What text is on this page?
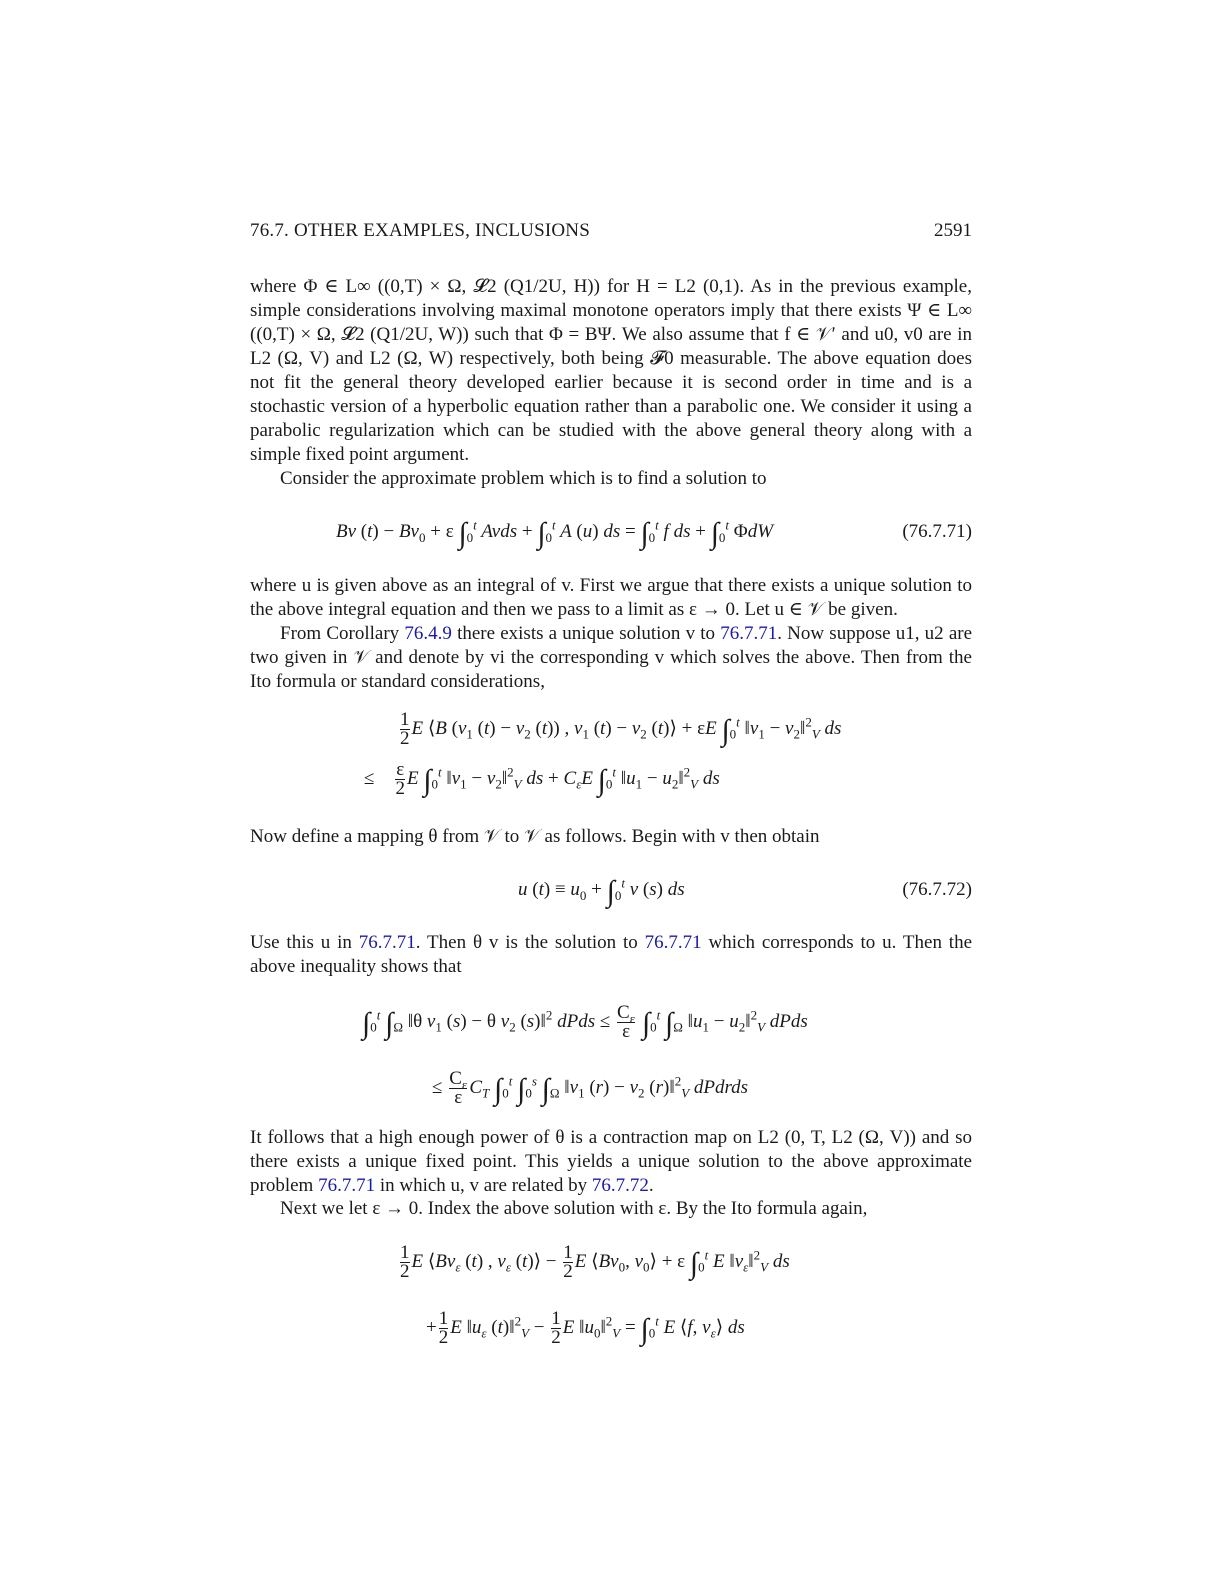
76.7. OTHER EXAMPLES, INCLUSIONS	2591
where Φ ∈ L∞ ((0,T) × Ω, 𝓛2 (Q1/2U, H)) for H = L2 (0,1). As in the previous example, simple considerations involving maximal monotone operators imply that there exists Ψ ∈ L∞ ((0,T) × Ω, 𝓛2 (Q1/2U, W)) such that Φ = BΨ. We also assume that f ∈ 𝒱′ and u0, v0 are in L2 (Ω, V) and L2 (Ω, W) respectively, both being 𝓕0 measurable. The above equation does not fit the general theory developed earlier because it is second order in time and is a stochastic version of a hyperbolic equation rather than a parabolic one. We consider it using a parabolic regularization which can be studied with the above general theory along with a simple fixed point argument.
Consider the approximate problem which is to find a solution to
Bv $(t) - Bv_0 + \varepsilon$ $\int_0^t$ Avds + $\int_0^t$ A (u) ds = $\int_0^t$ f ds + $\int_0^t$ ΦdW	(76.7.71)
where u is given above as an integral of v. First we argue that there exists a unique solution to the above integral equation and then we pass to a limit as ε → 0. Let u ∈ 𝒱 be given.
From Corollary 76.4.9 there exists a unique solution v to 76.7.71. Now suppose u1, u2 are two given in 𝒱 and denote by vi the corresponding v which solves the above. Then from the Ito formula or standard considerations,
$\frac{1}{2}$ E ⟨B ($v_1$ $(t) - v_2$ (t)) , $v_1$ $(t) - v_2$ (t)⟩ + εE $\int_0^t$ $‖v_1$ − $v_2‖^2_V$ ds
≤    $\frac{\varepsilon}{2}$ E $\int_0^t$ $‖v_1$ − $v_2‖^2_V$ ds + $C_\varepsilon E$ $\int_0^t$ $‖u_1$ − $u_2‖^2_V$ ds
Now define a mapping θ from 𝒱 to 𝒱 as follows. Begin with v then obtain
u $(t) \equiv u_0 + \int_0^t$ v (s) ds	(76.7.72)
Use this u in 76.7.71. Then θ v is the solution to 76.7.71 which corresponds to u. Then the above inequality shows that
$\int_0^t$ $\int_\Omega$ ‖θ $v_1$ (s) − θ $v_2$ (s)‖$^2$ dPds ≤ $\frac{C_\varepsilon}{\varepsilon} \int_0^t$ $\int_\Omega$ $‖u_1$ − $u_2‖^2_V$ dPds
≤ $\frac{C_\varepsilon}{\varepsilon} C_T$ $\int_0^t$ $\int_0^s$ $\int_\Omega$ $‖v_1$ $(r) - v_2$ (r)‖$^2_V$ dPdrds
It follows that a high enough power of θ is a contraction map on L2 (0, T, L2 (Ω, V)) and so there exists a unique fixed point. This yields a unique solution to the above approximate problem 76.7.71 in which u, v are related by 76.7.72.
Next we let ε → 0. Index the above solution with ε. By the Ito formula again,
$\frac{1}{2}$ E $⟨Bv_\varepsilon$ (t) , $v_\varepsilon$ (t)⟩ − $\frac{1}{2}$ E $⟨Bv_0$, $v_0⟩ + \varepsilon$ $\int_0^t$ E $‖v_\varepsilon‖^2_V$ ds
+ $\frac{1}{2}$ E $‖u_\varepsilon$ (t)‖$^2_V$ − $\frac{1}{2}$ E $‖u_0‖^2_V = \int_0^t$ E ⟨f, $v_\varepsilon⟩$ ds
